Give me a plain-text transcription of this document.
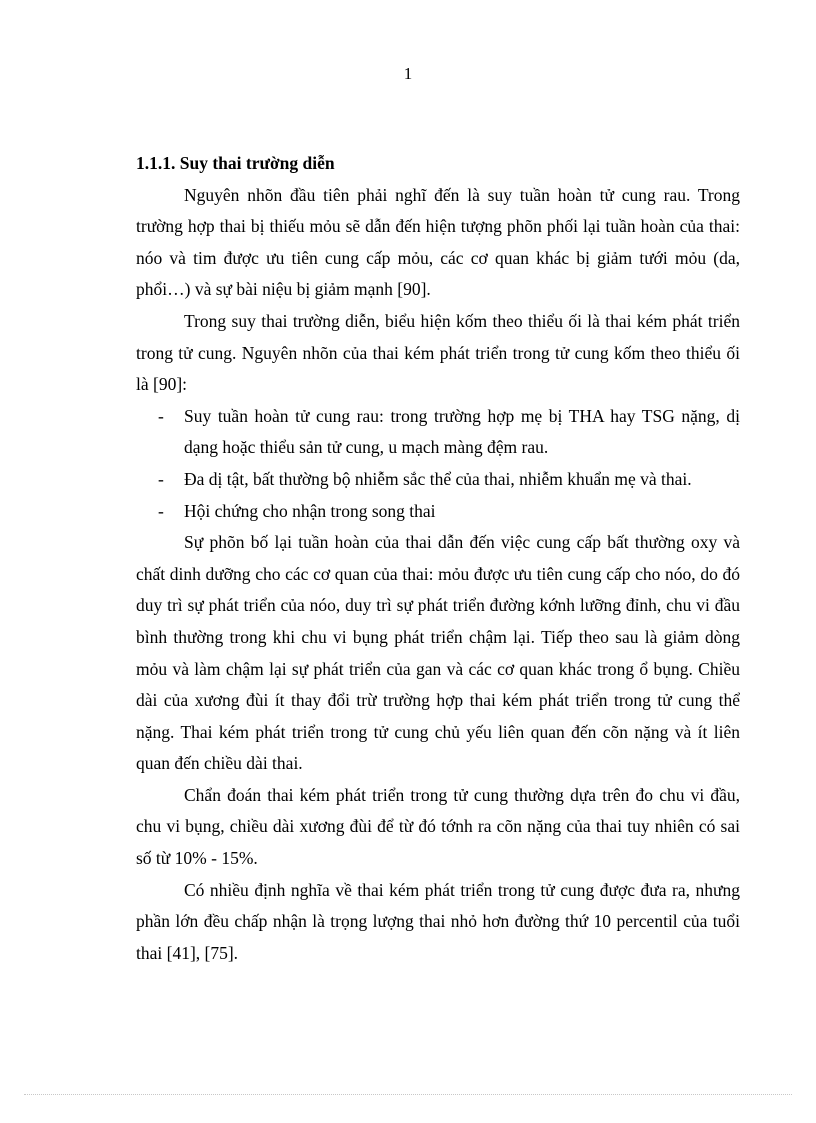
1

1.1.1. Suy thai trường diễn

Nguyên nhõn đầu tiên phải nghĩ đến là suy tuần hoàn tử cung rau. Trong trường hợp thai bị thiếu mỏu sẽ dẫn đến hiện tượng phõn phối lại tuần hoàn của thai: nóo và tim được ưu tiên cung cấp mỏu, các cơ quan khác bị giảm tưới mỏu (da, phổi…) và sự bài niệu bị giảm mạnh [90].

Trong suy thai trường diễn, biểu hiện kốm theo thiểu ối là thai kém phát triển trong tử cung. Nguyên nhõn của thai kém phát triển trong tử cung kốm theo thiểu ối là [90]:

- Suy tuần hoàn tử cung rau: trong trường hợp mẹ bị THA hay TSG nặng, dị dạng hoặc thiểu sản tử cung, u mạch màng đệm rau.
- Đa dị tật, bất thường bộ nhiễm sắc thể của thai, nhiễm khuẩn mẹ và thai.
- Hội chứng cho nhận trong song thai

Sự phõn bố lại tuần hoàn của thai dẫn đến việc cung cấp bất thường oxy và chất dinh dưỡng cho các cơ quan của thai: mỏu được ưu tiên cung cấp cho nóo, do đó duy trì sự phát triển của nóo, duy trì sự phát triển đường kớnh lưỡng đỉnh, chu vi đầu bình thường trong khi chu vi bụng phát triển chậm lại. Tiếp theo sau là giảm dòng mỏu và làm chậm lại sự phát triển của gan và các cơ quan khác trong ổ bụng. Chiều dài của xương đùi ít thay đổi trừ trường hợp thai kém phát triển trong tử cung thể nặng. Thai kém phát triển trong tử cung chủ yếu liên quan đến cõn nặng và ít liên quan đến chiều dài thai.

Chẩn đoán thai kém phát triển trong tử cung thường dựa trên đo chu vi đầu, chu vi bụng, chiều dài xương đùi để từ đó tớnh ra cõn nặng của thai tuy nhiên có sai số từ 10% - 15%.

Có nhiều định nghĩa về thai kém phát triển trong tử cung được đưa ra, nhưng phần lớn đều chấp nhận là trọng lượng thai nhỏ hơn đường thứ 10 percentil của tuổi thai [41], [75].
